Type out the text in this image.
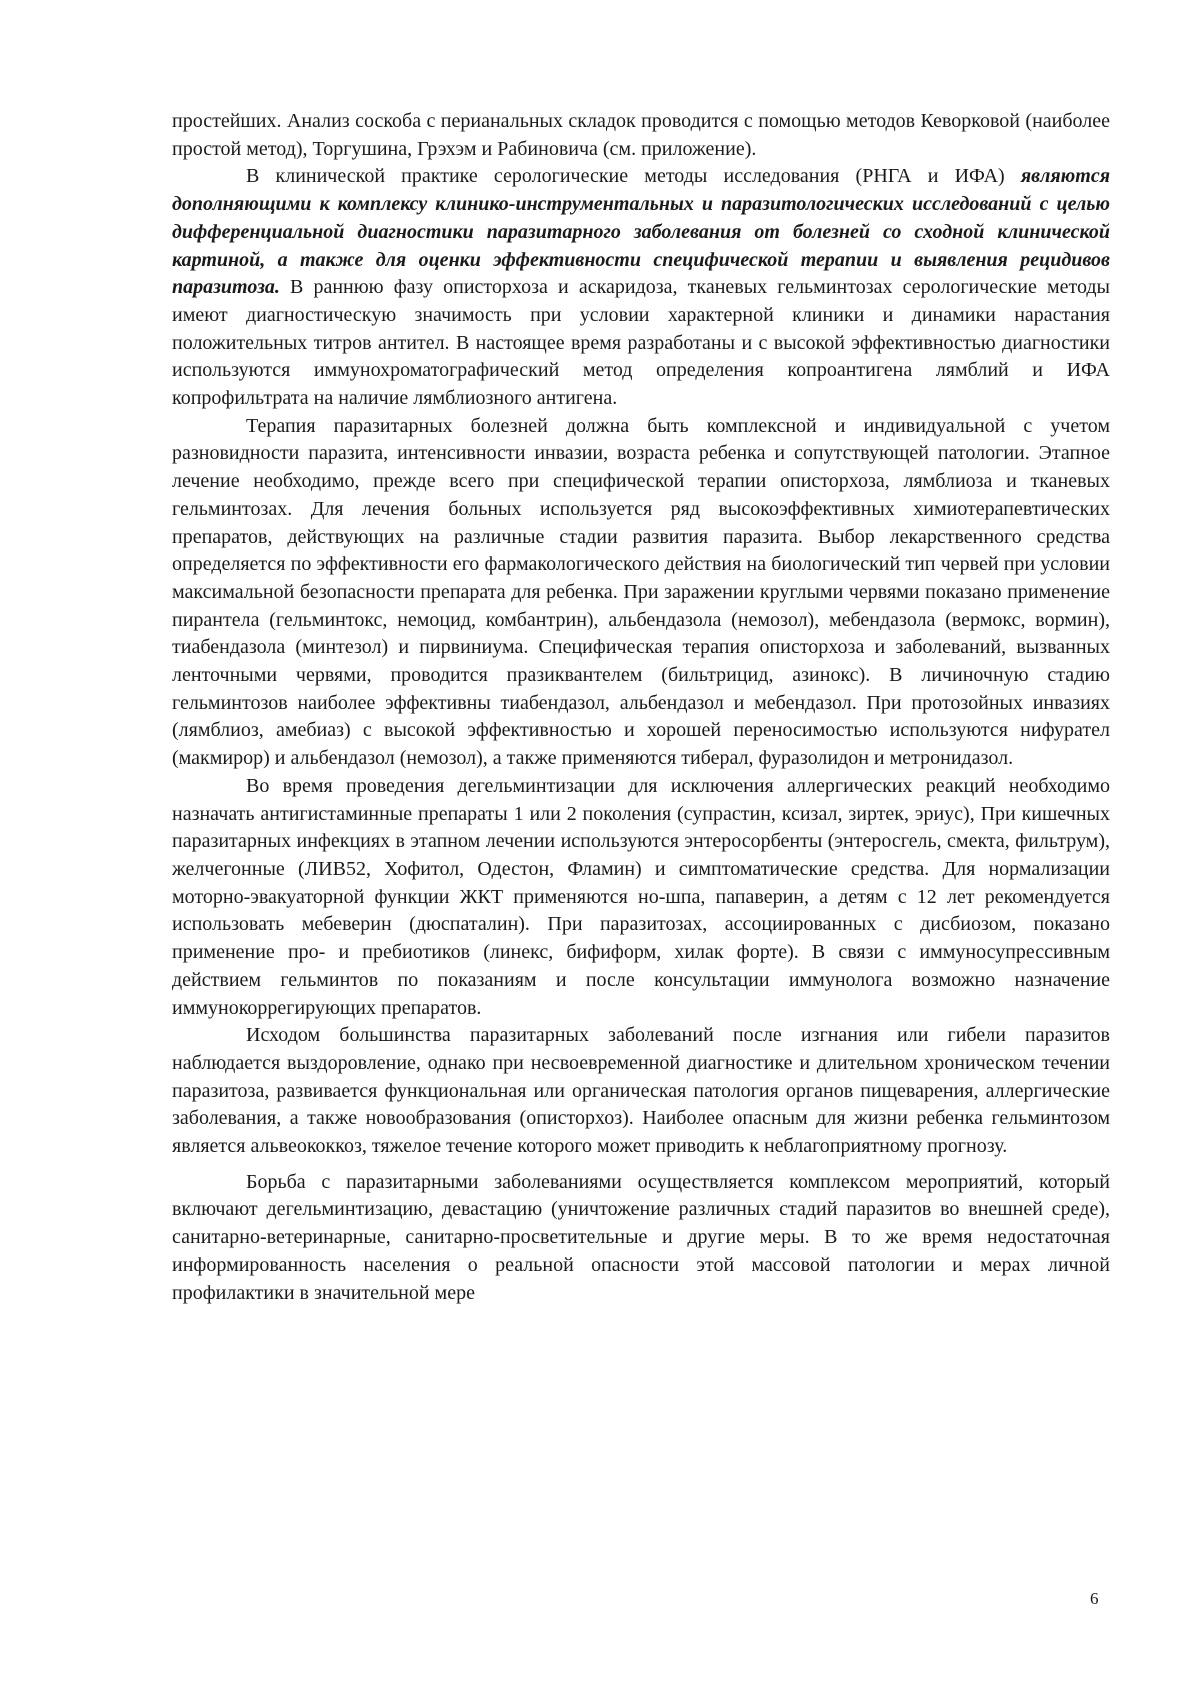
простейших. Анализ соскоба с перианальных складок проводится с помощью методов Кеворковой (наиболее простой метод), Торгушина, Грэхэм и Рабиновича (см. приложение).

В клинической практике серологические методы исследования (РНГА и ИФА) являются дополняющими к комплексу клинико-инструментальных и паразитологических исследований с целью дифференциальной диагностики паразитарного заболевания от болезней со сходной клинической картиной, а также для оценки эффективности специфической терапии и выявления рецидивов паразитоза. В раннюю фазу описторхоза и аскаридоза, тканевых гельминтозах серологические методы имеют диагностическую значимость при условии характерной клиники и динамики нарастания положительных титров антител. В настоящее время разработаны и с высокой эффективностью диагностики используются иммунохроматографический метод определения копроантигена лямблий и ИФА копрофильтрата на наличие лямблиозного антигена.

Терапия паразитарных болезней должна быть комплексной и индивидуальной с учетом разновидности паразита, интенсивности инвазии, возраста ребенка и сопутствующей патологии. Этапное лечение необходимо, прежде всего при специфической терапии описторхоза, лямблиоза и тканевых гельминтозах. Для лечения больных используется ряд высокоэффективных химиотерапевтических препаратов, действующих на различные стадии развития паразита. Выбор лекарственного средства определяется по эффективности его фармакологического действия на биологический тип червей при условии максимальной безопасности препарата для ребенка. При заражении круглыми червями показано применение пирантела (гельминтокс, немоцид, комбантрин), альбендазола (немозол), мебендазола (вермокс, вормин), тиабендазола (минтезол) и пирвиниума. Специфическая терапия описторхоза и заболеваний, вызванных ленточными червями, проводится празиквантелем (бильтрицид, азинокс). В личиночную стадию гельминтозов наиболее эффективны тиабендазол, альбендазол и мебендазол. При протозойных инвазиях (лямблиоз, амебиаз) с высокой эффективностью и хорошей переносимостью используются нифурател (макмирор) и альбендазол (немозол), а также применяются тиберал, фуразолидон и метронидазол.

Во время проведения дегельминтизации для исключения аллергических реакций необходимо назначать антигистаминные препараты 1 или 2 поколения (супрастин, ксизал, зиртек, эриус), При кишечных паразитарных инфекциях в этапном лечении используются энтеросорбенты (энтеросгель, смекта, фильтрум), желчегонные (ЛИВ52, Хофитол, Одестон, Фламин) и симптоматические средства. Для нормализации моторно-эвакуаторной функции ЖКТ применяются но-шпа, папаверин, а детям с 12 лет рекомендуется использовать мебеверин (дюспаталин). При паразитозах, ассоциированных с дисбиозом, показано применение про- и пребиотиков (линекс, бифиформ, хилак форте). В связи с иммуносупрессивным действием гельминтов по показаниям и после консультации иммунолога возможно назначение иммунокоррегирующих препаратов.

Исходом большинства паразитарных заболеваний после изгнания или гибели паразитов наблюдается выздоровление, однако при несвоевременной диагностике и длительном хроническом течении паразитоза, развивается функциональная или органическая патология органов пищеварения, аллергические заболевания, а также новообразования (описторхоз). Наиболее опасным для жизни ребенка гельминтозом является альвеококкоз, тяжелое течение которого может приводить к неблагоприятному прогнозу.

Борьба с паразитарными заболеваниями осуществляется комплексом мероприятий, который включают дегельминтизацию, девастацию (уничтожение различных стадий паразитов во внешней среде), санитарно-ветеринарные, санитарно-просветительные и другие меры. В то же время недостаточная информированность населения о реальной опасности этой массовой патологии и мерах личной профилактики в значительной мере

6
